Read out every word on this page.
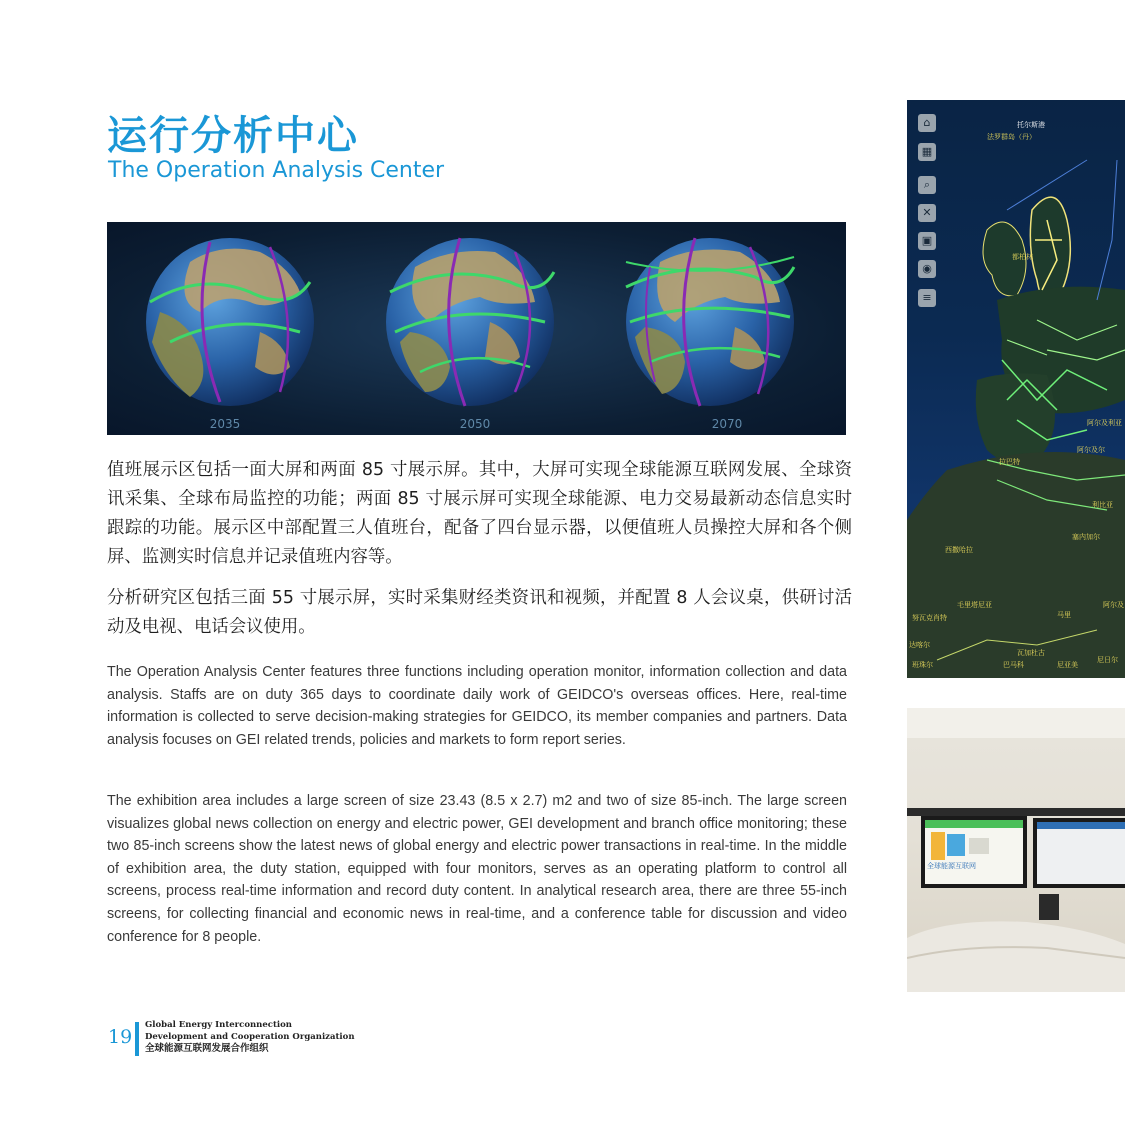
运行分析中心
The Operation Analysis Center
2035	2050	2070
值班展示区包括一面大屏和两面 85 寸展示屏。其中，大屏可实现全球能源互联网发展、全球资讯采集、全球布局监控的功能；两面 85 寸展示屏可实现全球能源、电力交易最新动态信息实时跟踪的功能。展示区中部配置三人值班台，配备了四台显示器，以便值班人员操控大屏和各个侧屏、监测实时信息并记录值班内容等。
分析研究区包括三面 55 寸展示屏，实时采集财经类资讯和视频，并配置 8 人会议桌，供研讨活动及电视、电话会议使用。
The Operation Analysis Center features three functions including operation monitor, information collection and data analysis. Staffs are on duty 365 days to coordinate daily work of GEIDCO's overseas offices. Here, real-time information is collected to serve decision-making strategies for GEIDCO, its member companies and partners. Data analysis focuses on GEI related trends, policies and markets to form report series.
The exhibition area includes a large screen of size 23.43 (8.5 x 2.7) m2 and two of size 85-inch. The large screen visualizes global news collection on energy and electric power, GEI development and branch office monitoring; these two 85-inch screens show the latest news of global energy and electric power transactions in real-time. In the middle of exhibition area, the duty station, equipped with four monitors, serves as an operating platform to control all screens, process real-time information and record duty content. In analytical research area, there are three 55-inch screens, for collecting financial and economic news in real-time, and a conference table for discussion and video conference for 8 people.
⌂
▦
⌕
✕
▣
◉
≡
托尔斯港
法罗群岛（丹）
都柏林
阿尔及利亚
阿尔及尔
拉巴特
西撒哈拉
塞内加尔
马里
努瓦克肖特
毛里塔尼亚
达喀尔
班珠尔	巴马科	尼亚美
瓦加杜古
尼日尔
利比亚
阿尔及
全球能源互联网
19
Global Energy Interconnection
Development and Cooperation Organization
全球能源互联网发展合作组织
